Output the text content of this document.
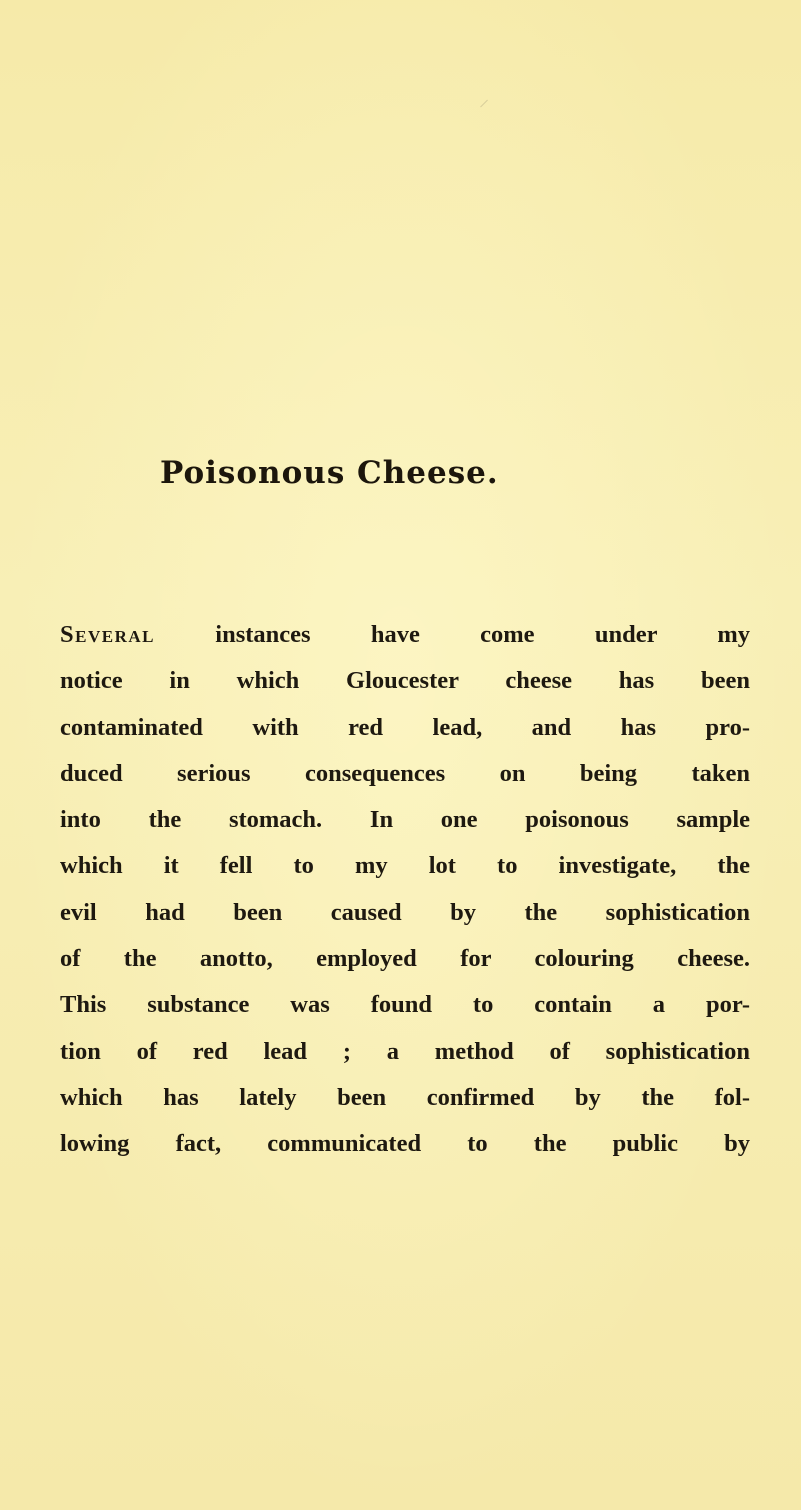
Poisonous Cheese.
Several instances have come under my
notice in which Gloucester cheese has been
contaminated with red lead, and has pro-
duced serious consequences on being taken
into the stomach. In one poisonous sample
which it fell to my lot to investigate, the
evil had been caused by the sophistication
of the anotto, employed for colouring cheese.
This substance was found to contain a por-
tion of red lead ; a method of sophistication
which has lately been confirmed by the fol-
lowing fact, communicated to the public by
